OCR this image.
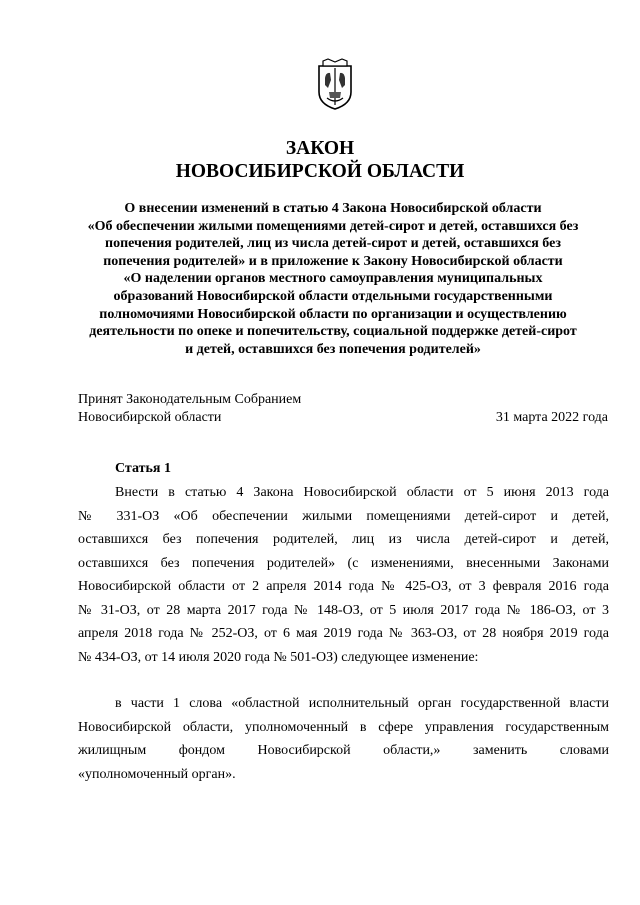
ЗАКОН
НОВОСИБИРСКОЙ ОБЛАСТИ
О внесении изменений в статью 4 Закона Новосибирской области
«Об обеспечении жилыми помещениями детей-сирот и детей, оставшихся без
попечения родителей, лиц из числа детей-сирот и детей, оставшихся без
попечения родителей» и в приложение к Закону Новосибирской области
«О наделении органов местного самоуправления муниципальных
образований Новосибирской области отдельными государственными
полномочиями Новосибирской области по организации и осуществлению
деятельности по опеке и попечительству, социальной поддержке детей-сирот
и детей, оставшихся без попечения родителей»
Принят Законодательным Собранием
Новосибирской области	31 марта 2022 года
Статья 1
Внести в статью 4 Закона Новосибирской области от 5 июня 2013 года
№ 331-ОЗ «Об обеспечении жилыми помещениями детей-сирот и детей,
оставшихся без попечения родителей, лиц из числа детей-сирот и детей,
оставшихся без попечения родителей» (с изменениями, внесенными Законами
Новосибирской области от 2 апреля 2014 года № 425-ОЗ, от 3 февраля 2016 года
№ 31-ОЗ, от 28 марта 2017 года № 148-ОЗ, от 5 июля 2017 года № 186-ОЗ, от 3
апреля 2018 года № 252-ОЗ, от 6 мая 2019 года № 363-ОЗ, от 28 ноября 2019 года
№ 434-ОЗ, от 14 июля 2020 года № 501-ОЗ) следующее изменение:
в части 1 слова «областной исполнительный орган государственной власти
Новосибирской области, уполномоченный в сфере управления государственным
жилищным фондом Новосибирской области,» заменить словами
«уполномоченный орган».
